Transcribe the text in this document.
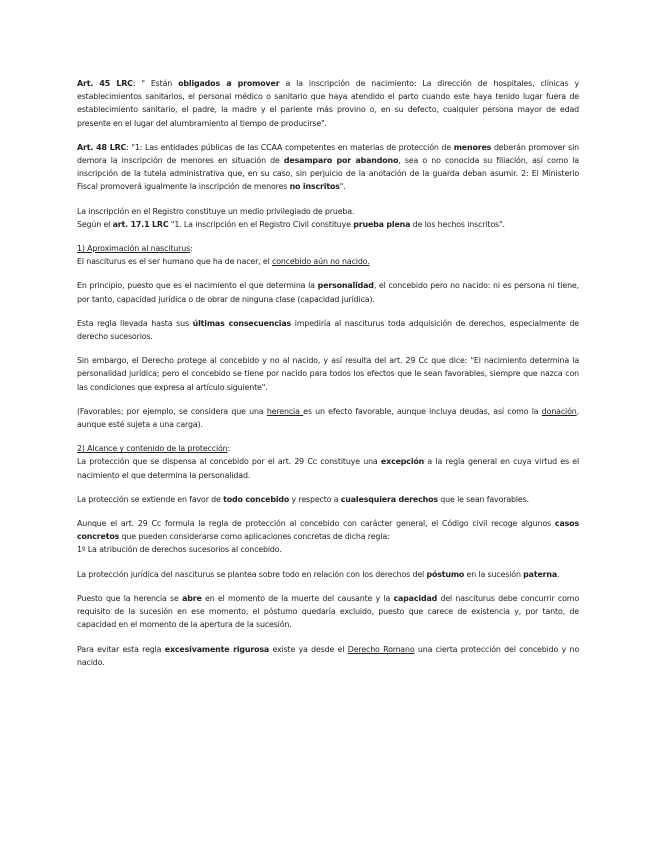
Art. 45 LRC: " Están obligados a promover a la inscripción de nacimiento: La dirección de hospitales, clínicas y establecimientos sanitarios, el personal médico o sanitario que haya atendido el parto cuando este haya tenido lugar fuera de establecimiento sanitario, el padre, la madre y el pariente más provino o, en su defecto, cualquier persona mayor de edad presente en el lugar del alumbramiento al tiempo de producirse".

Art. 48 LRC: "1: Las entidades públicas de las CCAA competentes en materias de protección de menores deberán promover sin demora la inscripción de menores en situación de desamparo por abandono, sea o no conocida su filiación, así como la inscripción de la tutela administrativa que, en su caso, sin perjuicio de la anotación de la guarda deban asumir. 2: El Ministerio Fiscal promoverá igualmente la inscripción de menores no inscritos".

La inscripción en el Registro constituye un medio privilegiado de prueba.

Según el art. 17.1 LRC "1. La inscripción en el Registro Civil constituye prueba plena de los hechos inscritos".

1) Aproximación al nasciturus:

El nasciturus es el ser humano que ha de nacer, el concebido aún no nacido.

En principio, puesto que es el nacimiento el que determina la personalidad, el concebido pero no nacido: ni es persona ni tiene, por tanto, capacidad jurídica o de obrar de ninguna clase (capacidad jurídica).

Esta regla llevada hasta sus últimas consecuencias impediría al nasciturus toda adquisición de derechos, especialmente de derecho sucesorios.

Sin embargo, el Derecho protege al concebido y no al nacido, y así resulta del art. 29 Cc que dice: "El nacimiento determina la personalidad jurídica; pero el concebido se tiene por nacido para todos los efectos que le sean favorables, siempre que nazca con las condiciones que expresa al artículo siguiente".

(Favorables; por ejemplo, se considera que una herencia es un efecto favorable, aunque incluya deudas, así como la donación, aunque esté sujeta a una carga).

2) Alcance y contenido de la protección:

La protección que se dispensa al concebido por el art. 29 Cc constituye una excepción a la regla general en cuya virtud es el nacimiento el que determina la personalidad.

La protección se extiende en favor de todo concebido y respecto a cualesquiera derechos que le sean favorables.

Aunque el art. 29 Cc formula la regla de protección al concebido con carácter general, el Código civil recoge algunos casos concretos que pueden considerarse como aplicaciones concretas de dicha regla:

1º La atribución de derechos sucesorios al concebido.

La protección jurídica del nasciturus se plantea sobre todo en relación con los derechos del póstumo en la sucesión paterna.

Puesto que la herencia se abre en el momento de la muerte del causante y la capacidad del nasciturus debe concurrir como requisito de la sucesión en ese momento, el póstumo quedaría excluido, puesto que carece de existencia y, por tanto, de capacidad en el momento de la apertura de la sucesión.

Para evitar esta regla excesivamente rigurosa existe ya desde el Derecho Romano una cierta protección del concebido y no nacido.
